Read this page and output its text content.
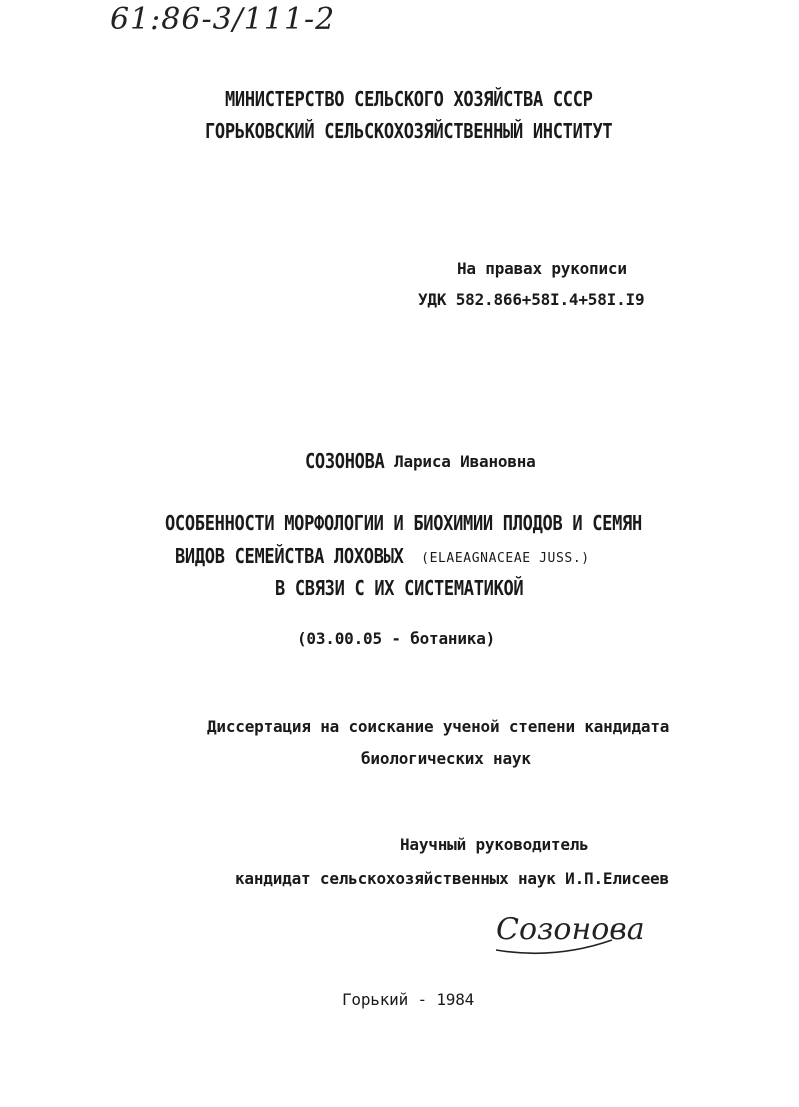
61:86-3/111-2
МИНИСТЕРСТВО СЕЛЬСКОГО ХОЗЯЙСТВА СССР
ГОРЬКОВСКИЙ СЕЛЬСКОХОЗЯЙСТВЕННЫЙ ИНСТИТУТ
На правах рукописи
УДК 582.866+58I.4+58I.I9
СОЗОНОВА Лариса Ивановна
ОСОБЕННОСТИ МОРФОЛОГИИ И БИОХИМИИ ПЛОДОВ И СЕМЯН
ВИДОВ СЕМЕЙСТВА ЛОХОВЫХ (ELAEAGNACEAE JUSS.)
В СВЯЗИ С ИХ СИСТЕМАТИКОЙ
(03.00.05 - ботаника)
Диссертация на соискание ученой степени кандидата
биологических наук
Научный руководитель
кандидат сельскохозяйственных наук И.П.Елисеев
Созонова
Горький - 1984
